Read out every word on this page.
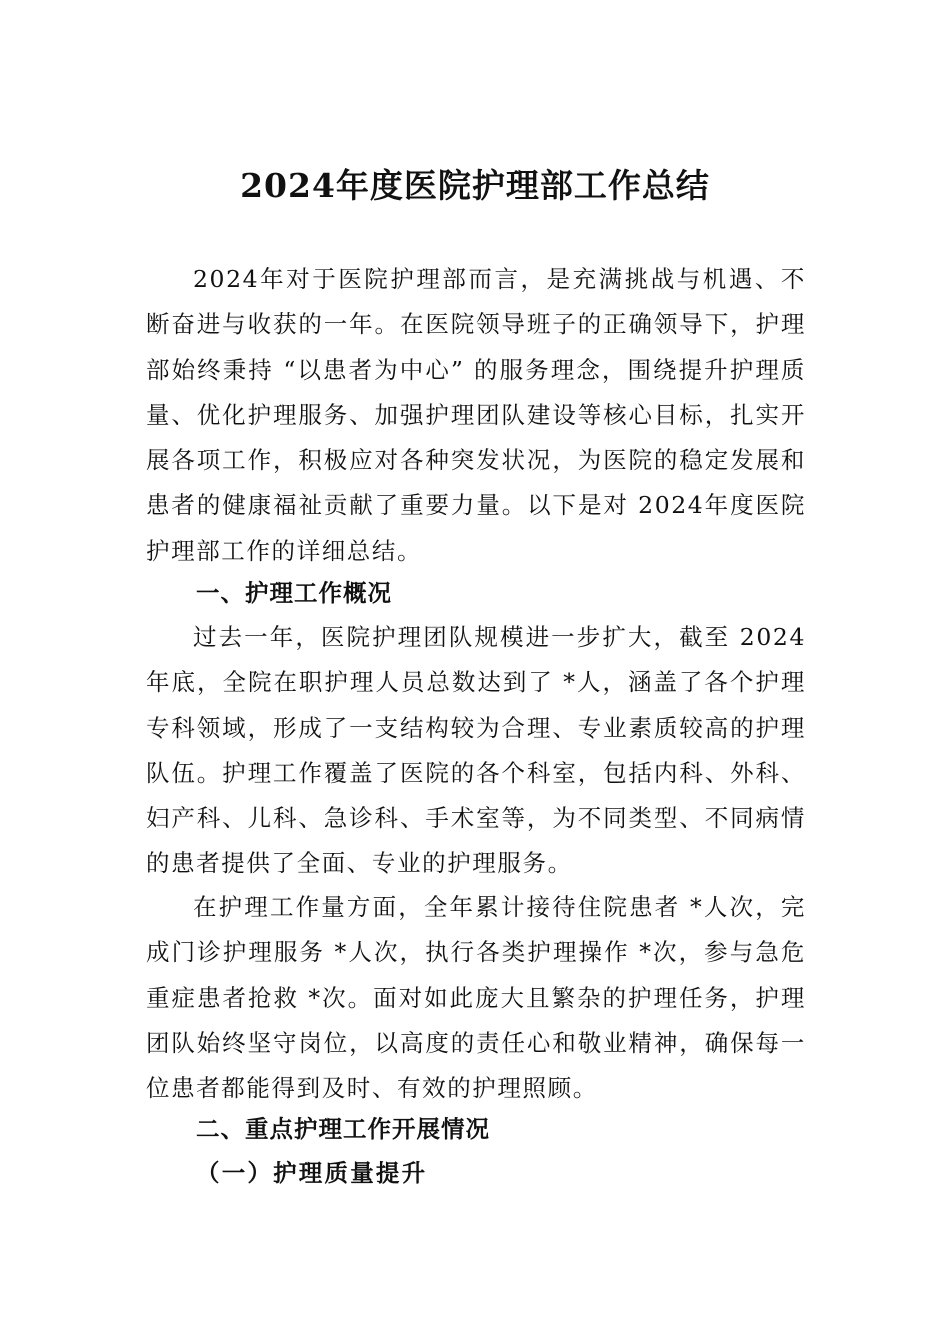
2024年度医院护理部工作总结

2024年对于医院护理部而言，是充满挑战与机遇、不断奋进与收获的一年。在医院领导班子的正确领导下，护理部始终秉持 “以患者为中心” 的服务理念，围绕提升护理质量、优化护理服务、加强护理团队建设等核心目标，扎实开展各项工作，积极应对各种突发状况，为医院的稳定发展和患者的健康福祉贡献了重要力量。以下是对 2024年度医院护理部工作的详细总结。

一、护理工作概况

过去一年，医院护理团队规模进一步扩大，截至 2024年底，全院在职护理人员总数达到了 *人，涵盖了各个护理专科领域，形成了一支结构较为合理、专业素质较高的护理队伍。护理工作覆盖了医院的各个科室，包括内科、外科、妇产科、儿科、急诊科、手术室等，为不同类型、不同病情的患者提供了全面、专业的护理服务。

在护理工作量方面，全年累计接待住院患者 *人次，完成门诊护理服务 *人次，执行各类护理操作 *次，参与急危重症患者抢救 *次。面对如此庞大且繁杂的护理任务，护理团队始终坚守岗位，以高度的责任心和敬业精神，确保每一位患者都能得到及时、有效的护理照顾。

二、重点护理工作开展情况
（一）护理质量提升
